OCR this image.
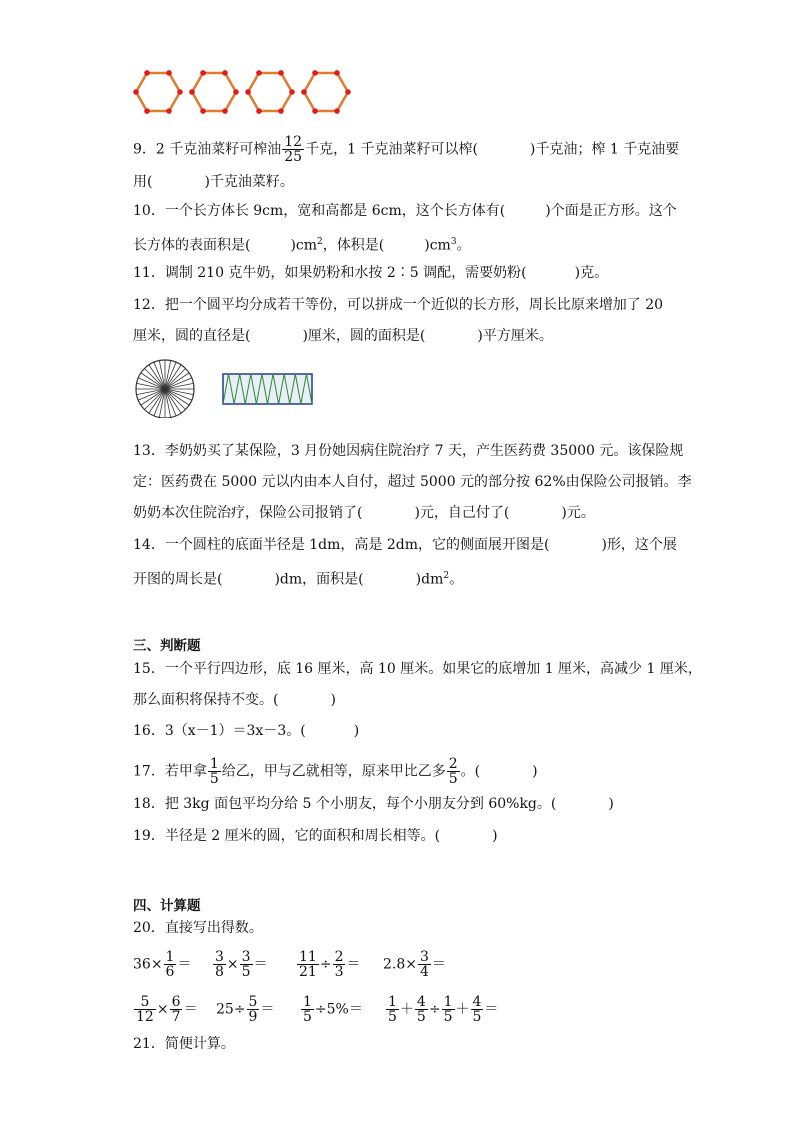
9．2 千克油菜籽可榨油 $\frac{12}{25}$ 千克，1 千克油菜籽可以榨(	)千克油；榨 1 千克油要
用(	)千克油菜籽。
10．一个长方体长 9cm，宽和高都是 6cm，这个长方体有(	)个面是正方形。这个
长方体的表面积是(	)$cm^2$，体积是(	)$cm^3$。
11．调制 210 克牛奶，如果奶粉和水按 2∶5 调配，需要奶粉(	)克。
12．把一个圆平均分成若干等份，可以拼成一个近似的长方形，周长比原来增加了 20
厘米，圆的直径是(	)厘米，圆的面积是(	)平方厘米。
13．李奶奶买了某保险，3 月份她因病住院治疗 7 天，产生医药费 35000 元。该保险规
定：医药费在 5000 元以内由本人自付，超过 5000 元的部分按 62%由保险公司报销。李
奶奶本次住院治疗，保险公司报销了(	)元，自己付了(	)元。
14．一个圆柱的底面半径是 1dm，高是 2dm，它的侧面展开图是(	)形，这个展
开图的周长是(	)dm，面积是(	)$dm^2$。
三、判断题
15．一个平行四边形，底 16 厘米，高 10 厘米。如果它的底增加 1 厘米，高减少 1 厘米，
那么面积将保持不变。(	)
16．3（x－1）＝3x－3。(	)
17．若甲拿 $\frac{1}{5}$ 给乙，甲与乙就相等，原来甲比乙多 $\frac{2}{5}$ 。(	)
18．把 3kg 面包平均分给 5 个小朋友，每个小朋友分到 60%kg。(	)
19．半径是 2 厘米的圆，它的面积和周长相等。(	)
四、计算题
20．直接写出得数。
$36\times \frac{1}{6} = \frac{3}{8} \times \frac{3}{5} = \frac{11}{21} \div \frac{2}{3} = 2.8\times \frac{3}{4}$ ＝
$\frac{5}{12} \times \frac{6}{7} = 25\div \frac{5}{9} = \frac{1}{5} \div 5\%= \frac{1}{5} + \frac{4}{5} \div \frac{1}{5} + \frac{4}{5}$ ＝
21．简便计算。
